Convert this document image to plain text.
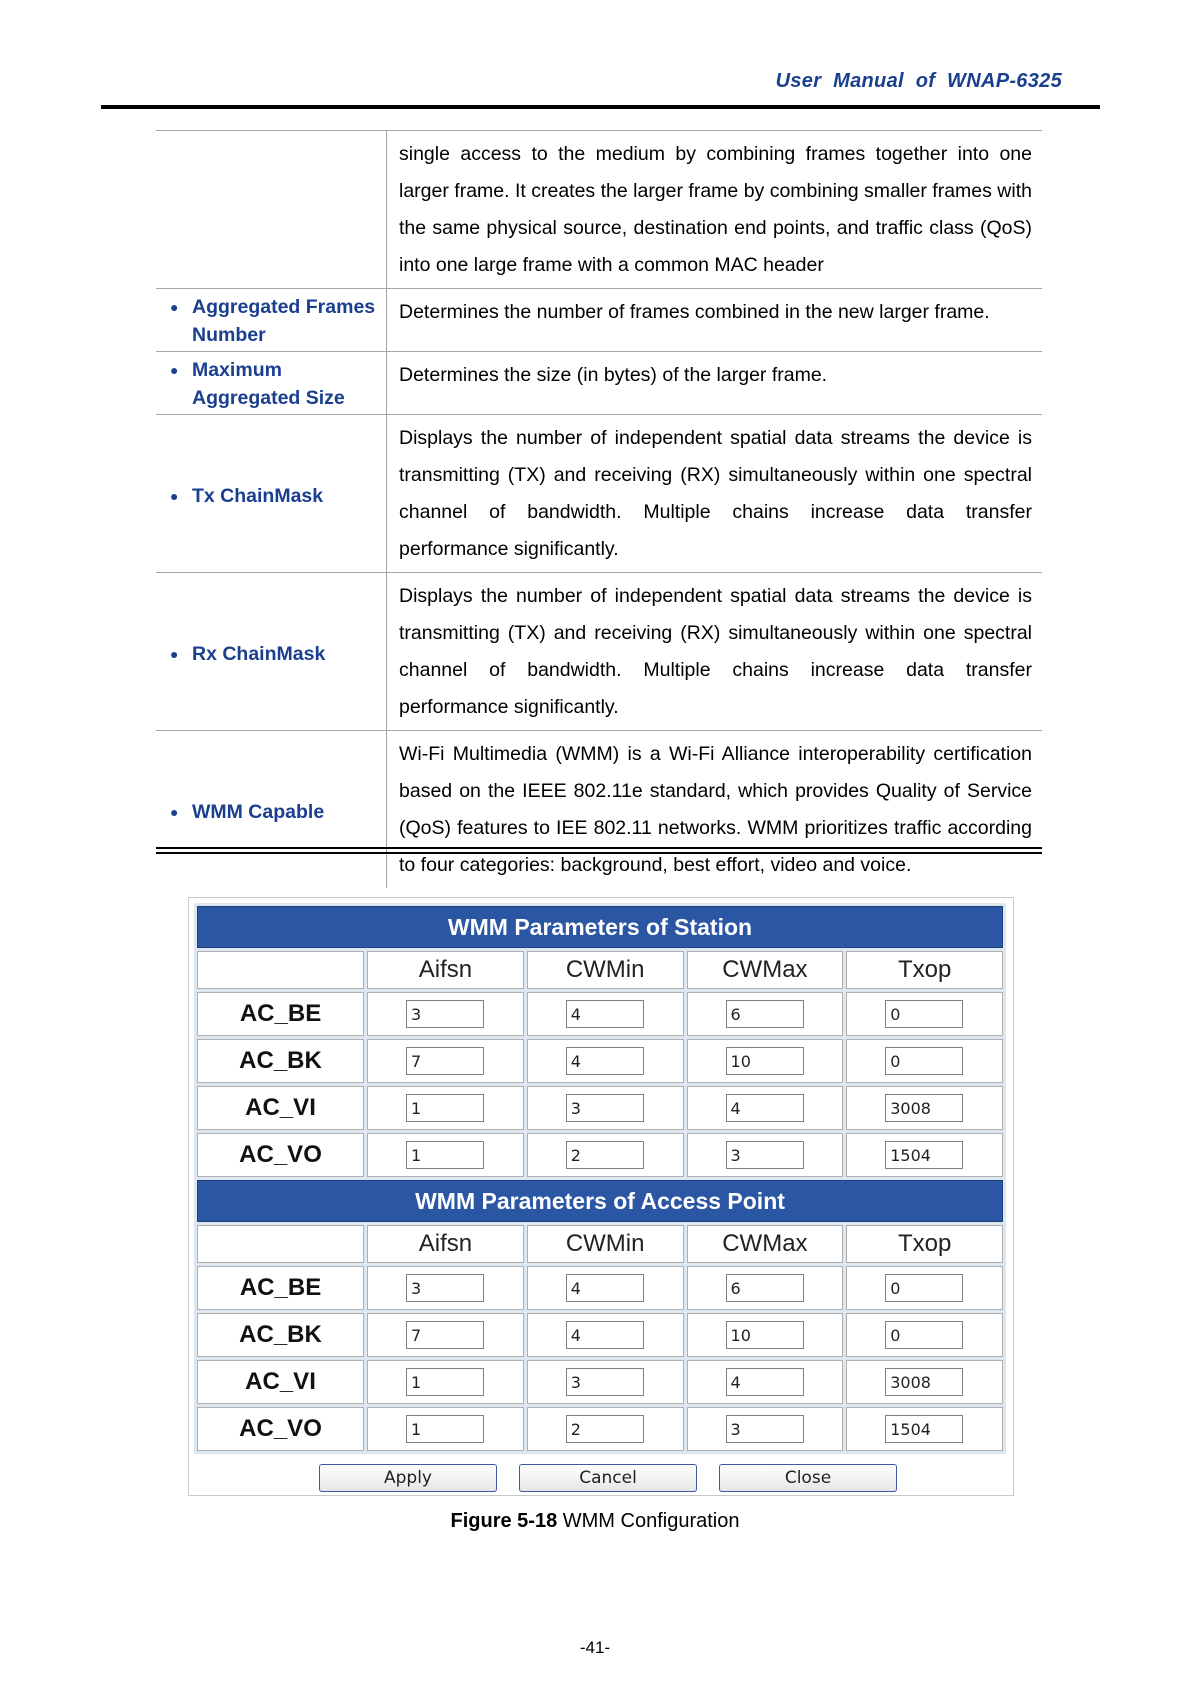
User Manual of WNAP-6325
	single access to the medium by combining frames together into one larger frame. It creates the larger frame by combining smaller frames with the same physical source, destination end points, and traffic class (QoS) into one large frame with a common MAC header

● Aggregated Frames Number	Determines the number of frames combined in the new larger frame.

● Maximum Aggregated Size	Determines the size (in bytes) of the larger frame.

● Tx ChainMask	Displays the number of independent spatial data streams the device is transmitting (TX) and receiving (RX) simultaneously within one spectral channel of bandwidth. Multiple chains increase data transfer performance significantly.

● Rx ChainMask	Displays the number of independent spatial data streams the device is transmitting (TX) and receiving (RX) simultaneously within one spectral channel of bandwidth. Multiple chains increase data transfer performance significantly.

● WMM Capable	Wi-Fi Multimedia (WMM) is a Wi-Fi Alliance interoperability certification based on the IEEE 802.11e standard, which provides Quality of Service (QoS) features to IEE 802.11 networks. WMM prioritizes traffic according to four categories: background, best effort, video and voice.
WMM Parameters of Station				
	Aifsn	CWMin	CWMax	Txop
AC_BE	3	4	6	0

AC_BK	7	4	10	0

AC_VI	1	3	4	3008

AC_VO	1	2	3	1504

WMM Parameters of Access Point				
	Aifsn	CWMin	CWMax	Txop
AC_BE	3	4	6	0

AC_BK	7	4	10	0

AC_VI	1	3	4	3008

AC_VO	1	2	3	1504
Apply	Cancel	Close
Figure 5-18 WMM Configuration
-41-
